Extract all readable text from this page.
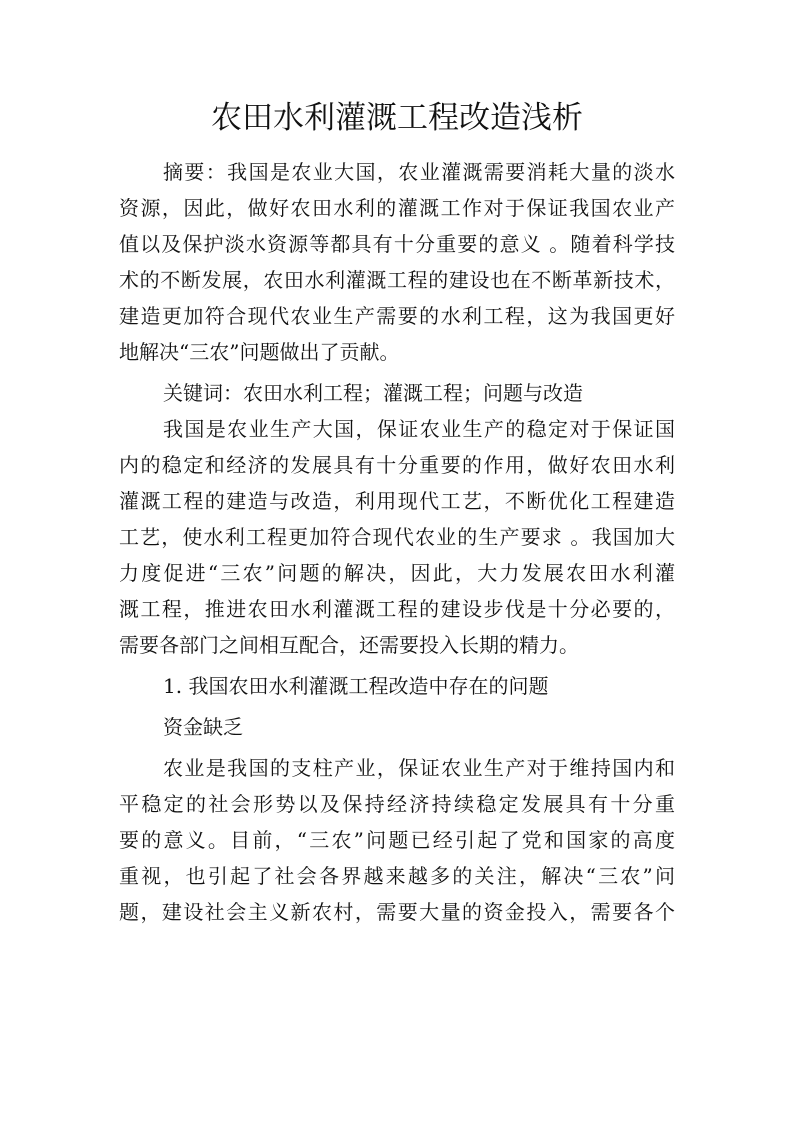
农田水利灌溉工程改造浅析

摘要：我国是农业大国，农业灌溉需要消耗大量的淡水

资源，因此，做好农田水利的灌溉工作对于保证我国农业产

值以及保护淡水资源等都具有十分重要的意义 。随着科学技

术的不断发展，农田水利灌溉工程的建设也在不断革新技术，

建造更加符合现代农业生产需要的水利工程，这为我国更好

地解决“三农”问题做出了贡献。

关键词：农田水利工程；灌溉工程；问题与改造

我国是农业生产大国，保证农业生产的稳定对于保证国

内的稳定和经济的发展具有十分重要的作用，做好农田水利

灌溉工程的建造与改造，利用现代工艺，不断优化工程建造

工艺，使水利工程更加符合现代农业的生产要求 。我国加大

力度促进“三农”问题的解决，因此，大力发展农田水利灌

溉工程，推进农田水利灌溉工程的建设步伐是十分必要的，

需要各部门之间相互配合，还需要投入长期的精力。

1. 我国农田水利灌溉工程改造中存在的问题

资金缺乏

农业是我国的支柱产业，保证农业生产对于维持国内和

平稳定的社会形势以及保持经济持续稳定发展具有十分重

要的意义。目前，“三农”问题已经引起了党和国家的高度

重视，也引起了社会各界越来越多的关注，解决“三农”问

题，建设社会主义新农村，需要大量的资金投入，需要各个
